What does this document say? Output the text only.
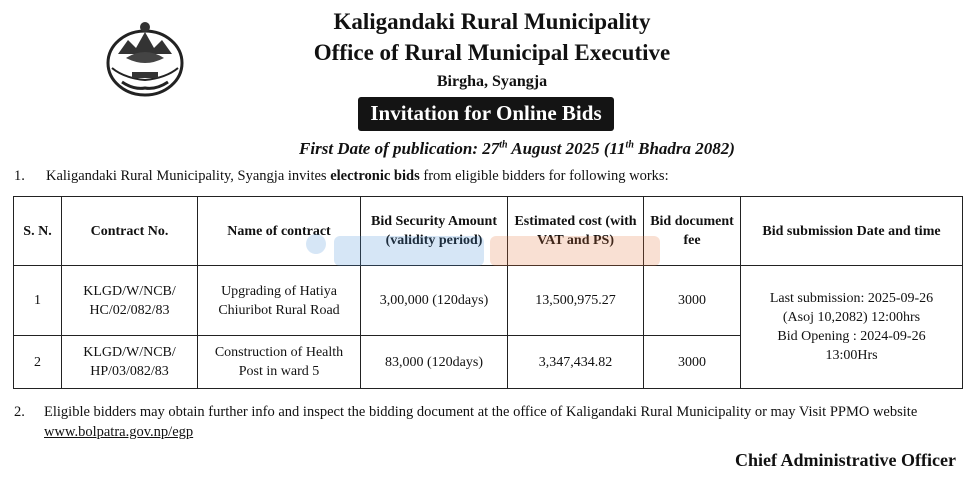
Kaligandaki Rural Municipality
Office of Rural Municipal Executive
Birgha, Syangja
Invitation for Online Bids
First Date of publication: 27th August 2025 (11th Bhadra 2082)
1. Kaligandaki Rural Municipality, Syangja invites electronic bids from eligible bidders for following works:
S. N.	Contract No.	Name of contract	Bid Security Amount (validity period)	Estimated cost (with VAT and PS)	Bid document fee	Bid submission Date and time
1	KLGD/W/NCB/ HC/02/082/83	Upgrading of Hatiya Chiuribot Rural Road	3,00,000 (120days)	13,500,975.27	3000	Last submission: 2025-09-26
(Asoj 10,2082) 12:00hrs
Bid Opening : 2024-09-26
13:00Hrs

2	KLGD/W/NCB/ HP/03/082/83	Construction of Health Post in ward 5	83,000 (120days)	3,347,434.82	3000	
2. Eligible bidders may obtain further info and inspect the bidding document at the office of Kaligandaki Rural Municipality or may Visit PPMO website www.bolpatra.gov.np/egp
Chief Administrative Officer
